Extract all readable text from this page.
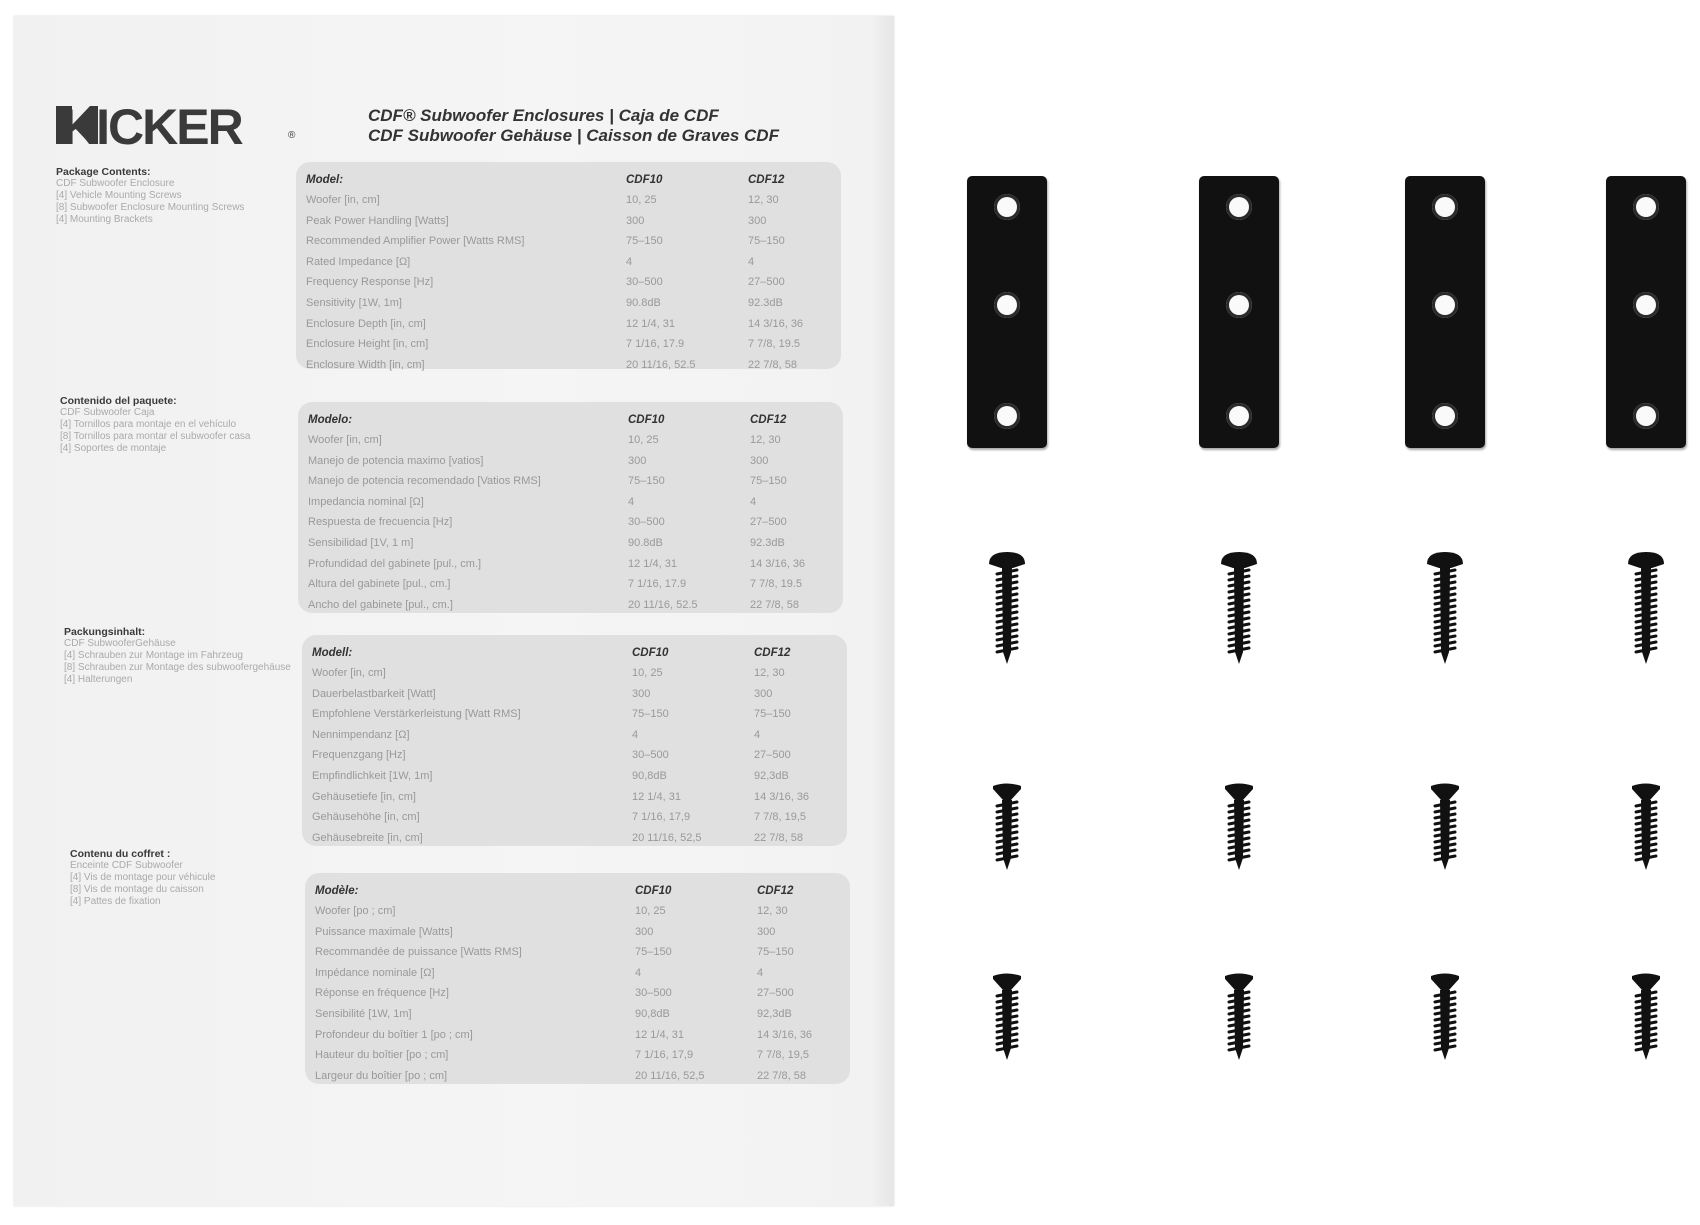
KICKER	®
CDF® Subwoofer Enclosures | Caja de CDF
CDF Subwoofer Gehäuse | Caisson de Graves CDF
Package Contents:
CDF Subwoofer Enclosure
[4] Vehicle Mounting Screws
[8] Subwoofer Enclosure Mounting Screws
[4] Mounting Brackets
Model:	CDF10	CDF12
Woofer [in, cm]	10, 25	12, 30
Peak Power Handling [Watts]	300	300
Recommended Amplifier Power [Watts RMS]	75–150	75–150
Rated Impedance [Ω]	4	4
Frequency Response [Hz]	30–500	27–500
Sensitivity [1W, 1m]	90.8dB	92.3dB
Enclosure Depth [in, cm]	12 1/4, 31	14 3/16, 36
Enclosure Height [in, cm]	7 1/16, 17.9	7 7/8, 19.5
Enclosure Width [in, cm]	20 11/16, 52.5	22 7/8, 58
Contenido del paquete:
CDF Subwoofer Caja
[4] Tornillos para montaje en el vehículo
[8] Tornillos para montar el subwoofer casa
[4] Soportes de montaje
Modelo:	CDF10	CDF12
Woofer [in, cm]	10, 25	12, 30
Manejo de potencia maximo [vatios]	300	300
Manejo de potencia recomendado [Vatios RMS]	75–150	75–150
Impedancia nominal [Ω]	4	4
Respuesta de frecuencia [Hz]	30–500	27–500
Sensibilidad [1V, 1 m]	90.8dB	92.3dB
Profundidad del gabinete [pul., cm.]	12 1/4, 31	14 3/16, 36
Altura del gabinete [pul., cm.]	7 1/16, 17.9	7 7/8, 19.5
Ancho del gabinete [pul., cm.]	20 11/16, 52.5	22 7/8, 58
Packungsinhalt:
CDF SubwooferGehäuse
[4] Schrauben zur Montage im Fahrzeug
[8] Schrauben zur Montage des subwoofergehäuse
[4] Halterungen
Modell:	CDF10	CDF12
Woofer [in, cm]	10, 25	12, 30
Dauerbelastbarkeit [Watt]	300	300
Empfohlene Verstärkerleistung [Watt RMS]	75–150	75–150
Nennimpendanz [Ω]	4	4
Frequenzgang [Hz]	30–500	27–500
Empfindlichkeit [1W, 1m]	90,8dB	92,3dB
Gehäusetiefe [in, cm]	12 1/4, 31	14 3/16, 36
Gehäusehöhe [in, cm]	7 1/16, 17,9	7 7/8, 19,5
Gehäusebreite [in, cm]	20 11/16, 52,5	22 7/8, 58
Contenu du coffret :
Enceinte CDF Subwoofer
[4] Vis de montage pour véhicule
[8] Vis de montage du caisson
[4] Pattes de fixation
Modèle:	CDF10	CDF12
Woofer [po ; cm]	10, 25	12, 30
Puissance maximale [Watts]	300	300
Recommandée de puissance [Watts RMS]	75–150	75–150
Impédance nominale [Ω]	4	4
Réponse en fréquence [Hz]	30–500	27–500
Sensibilité [1W, 1m]	90,8dB	92,3dB
Profondeur du boîtier 1 [po ; cm]	12 1/4, 31	14 3/16, 36
Hauteur du boîtier [po ; cm]	7 1/16, 17,9	7 7/8, 19,5
Largeur du boîtier [po ; cm]	20 11/16, 52,5	22 7/8, 58
